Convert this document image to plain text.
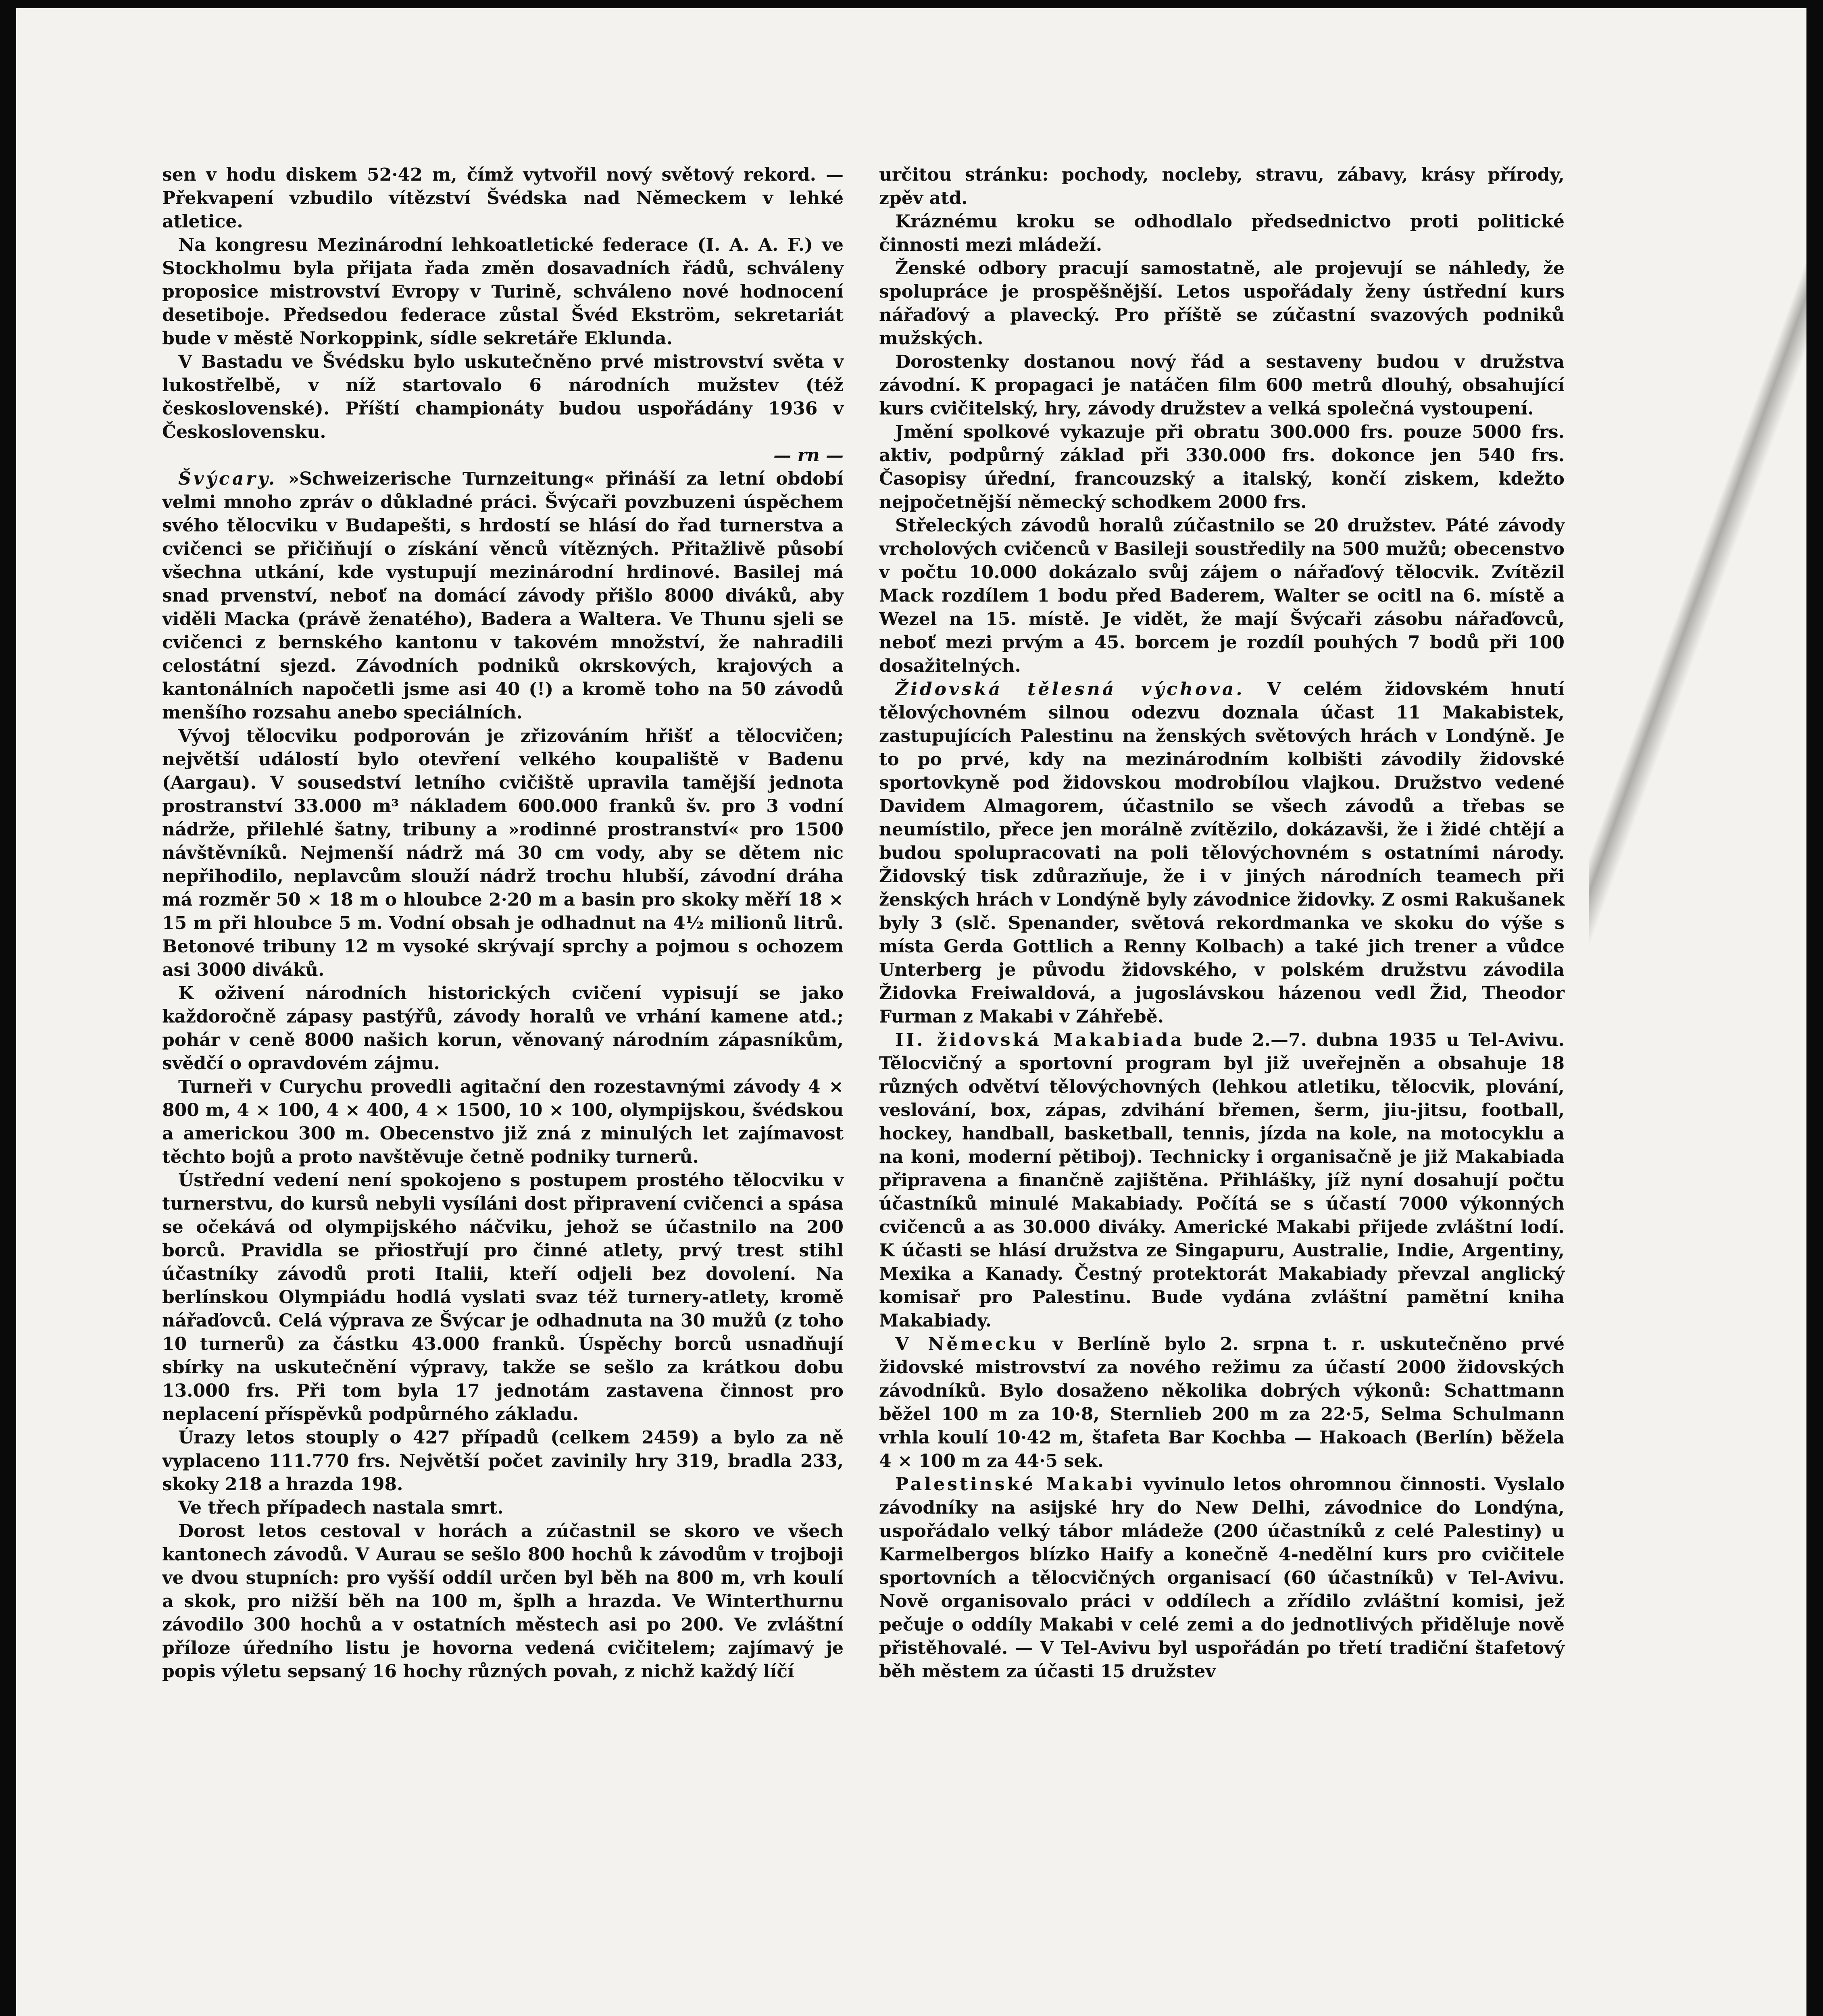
sen v hodu diskem 52·42 m, čímž vytvořil nový světový rekord. — Překvapení vzbudilo vítězství Švédska nad Německem v lehké atletice.

Na kongresu Mezinárodní lehkoatletické federace (I. A. A. F.) ve Stockholmu byla přijata řada změn dosavadních řádů, schváleny proposice mistrovství Evropy v Turině, schváleno nové hodnocení desetiboje. Předsedou federace zůstal Švéd Ekström, sekretariát bude v městě Norkoppink, sídle sekretáře Eklunda.

V Bastadu ve Švédsku bylo uskutečněno prvé mistrovství světa v lukostřelbě, v níž startovalo 6 národních mužstev (též československé). Příští championáty budou uspořádány 1936 v Československu.

— rn —

Švýcary. »Schweizerische Turnzeitung« přináší za letní období velmi mnoho zpráv o důkladné práci. Švýcaři povzbuzeni úspěchem svého tělocviku v Budapešti, s hrdostí se hlásí do řad turnerstva a cvičenci se přičiňují o získání věnců vítězných. Přitažlivě působí všechna utkání, kde vystupují mezinárodní hrdinové. Basilej má snad prvenství, neboť na domácí závody přišlo 8000 diváků, aby viděli Macka (právě ženatého), Badera a Waltera. Ve Thunu sjeli se cvičenci z bernského kantonu v takovém množství, že nahradili celostátní sjezd. Závodních podniků okrskových, krajových a kantonálních napočetli jsme asi 40 (!) a kromě toho na 50 závodů menšího rozsahu anebo speciálních.

Vývoj tělocviku podporován je zřizováním hřišť a tělocvičen; největší událostí bylo otevření velkého koupaliště v Badenu (Aargau). V sousedství letního cvičiště upravila tamější jednota prostranství 33.000 m³ nákladem 600.000 franků šv. pro 3 vodní nádrže, přilehlé šatny, tribuny a »rodinné prostranství« pro 1500 návštěvníků. Nejmenší nádrž má 30 cm vody, aby se dětem nic nepřihodilo, neplavcům slouží nádrž trochu hlubší, závodní dráha má rozměr 50 × 18 m o hloubce 2·20 m a basin pro skoky měří 18 × 15 m při hloubce 5 m. Vodní obsah je odhadnut na 4½ milionů litrů. Betonové tribuny 12 m vysoké skrývají sprchy a pojmou s ochozem asi 3000 diváků.

K oživení národních historických cvičení vypisují se jako každoročně zápasy pastýřů, závody horalů ve vrhání kamene atd.; pohár v ceně 8000 našich korun, věnovaný národním zápasníkům, svědčí o opravdovém zájmu.

Turneři v Curychu provedli agitační den rozestavnými závody 4 × 800 m, 4 × 100, 4 × 400, 4 × 1500, 10 × 100, olympijskou, švédskou a americkou 300 m. Obecenstvo již zná z minulých let zajímavost těchto bojů a proto navštěvuje četně podniky turnerů.

Ústřední vedení není spokojeno s postupem prostého tělocviku v turnerstvu, do kursů nebyli vysíláni dost připravení cvičenci a spása se očekává od olympijského náčviku, jehož se účastnilo na 200 borců. Pravidla se přiostřují pro činné atlety, prvý trest stihl účastníky závodů proti Italii, kteří odjeli bez dovolení. Na berlínskou Olympiádu hodlá vyslati svaz též turnery-atlety, kromě nářaďovců. Celá výprava ze Švýcar je odhadnuta na 30 mužů (z toho 10 turnerů) za částku 43.000 franků. Úspěchy borců usnadňují sbírky na uskutečnění výpravy, takže se sešlo za krátkou dobu 13.000 frs. Při tom byla 17 jednotám zastavena činnost pro neplacení příspěvků podpůrného základu.

Úrazy letos stouply o 427 případů (celkem 2459) a bylo za ně vyplaceno 111.770 frs. Největší počet zavinily hry 319, bradla 233, skoky 218 a hrazda 198.

Ve třech případech nastala smrt.

Dorost letos cestoval v horách a zúčastnil se skoro ve všech kantonech závodů. V Aurau se sešlo 800 hochů k závodům v trojboji ve dvou stupních: pro vyšší oddíl určen byl běh na 800 m, vrh koulí a skok, pro nižší běh na 100 m, šplh a hrazda. Ve Winterthurnu závodilo 300 hochů a v ostatních městech asi po 200. Ve zvláštní příloze úředního listu je hovorna vedená cvičitelem; zajímavý je popis výletu sepsaný 16 hochy různých povah, z nichž každý líčí

určitou stránku: pochody, nocleby, stravu, zábavy, krásy přírody, zpěv atd.

Kráznému kroku se odhodlalo předsednictvo proti politické činnosti mezi mládeží.

Ženské odbory pracují samostatně, ale projevují se náhledy, že spolupráce je prospěšnější. Letos uspořádaly ženy ústřední kurs nářaďový a plavecký. Pro příště se zúčastní svazových podniků mužských.

Dorostenky dostanou nový řád a sestaveny budou v družstva závodní. K propagaci je natáčen film 600 metrů dlouhý, obsahující kurs cvičitelský, hry, závody družstev a velká společná vystoupení.

Jmění spolkové vykazuje při obratu 300.000 frs. pouze 5000 frs. aktiv, podpůrný základ při 330.000 frs. dokonce jen 540 frs. Časopisy úřední, francouzský a italský, končí ziskem, kdežto nejpočetnější německý schodkem 2000 frs.

Střeleckých závodů horalů zúčastnilo se 20 družstev. Páté závody vrcholových cvičenců v Basileji soustředily na 500 mužů; obecenstvo v počtu 10.000 dokázalo svůj zájem o nářaďový tělocvik. Zvítězil Mack rozdílem 1 bodu před Baderem, Walter se ocitl na 6. místě a Wezel na 15. místě. Je vidět, že mají Švýcaři zásobu nářaďovců, neboť mezi prvým a 45. borcem je rozdíl pouhých 7 bodů při 100 dosažitelných.

Židovská tělesná výchova. V celém židovském hnutí tělovýchovném silnou odezvu doznala účast 11 Makabistek, zastupujících Palestinu na ženských světových hrách v Londýně. Je to po prvé, kdy na mezinárodním kolbišti závodily židovské sportovkyně pod židovskou modrobílou vlajkou. Družstvo vedené Davidem Almagorem, účastnilo se všech závodů a třebas se neumístilo, přece jen morálně zvítězilo, dokázavši, že i židé chtějí a budou spolupracovati na poli tělovýchovném s ostatními národy. Židovský tisk zdůrazňuje, že i v jiných národních teamech při ženských hrách v Londýně byly závodnice židovky. Z osmi Rakušanek byly 3 (slč. Spenander, světová rekordmanka ve skoku do výše s místa Gerda Gottlich a Renny Kolbach) a také jich trener a vůdce Unterberg je původu židovského, v polském družstvu závodila Židovka Freiwaldová, a jugoslávskou házenou vedl Žid, Theodor Furman z Makabi v Záhřebě.

II. židovská Makabiada bude 2.—7. dubna 1935 u Tel-Avivu. Tělocvičný a sportovní program byl již uveřejněn a obsahuje 18 různých odvětví tělovýchovných (lehkou atletiku, tělocvik, plování, veslování, box, zápas, zdvihání břemen, šerm, jiu-jitsu, football, hockey, handball, basketball, tennis, jízda na kole, na motocyklu a na koni, moderní pětiboj). Technicky i organisačně je již Makabiada připravena a finančně zajištěna. Přihlášky, jíž nyní dosahují počtu účastníků minulé Makabiady. Počítá se s účastí 7000 výkonných cvičenců a as 30.000 diváky. Americké Makabi přijede zvláštní lodí. K účasti se hlásí družstva ze Singapuru, Australie, Indie, Argentiny, Mexika a Kanady. Čestný protektorát Makabiady převzal anglický komisař pro Palestinu. Bude vydána zvláštní pamětní kniha Makabiady.

V Německu v Berlíně bylo 2. srpna t. r. uskutečněno prvé židovské mistrovství za nového režimu za účastí 2000 židovských závodníků. Bylo dosaženo několika dobrých výkonů: Schattmann běžel 100 m za 10·8, Sternlieb 200 m za 22·5, Selma Schulmann vrhla koulí 10·42 m, štafeta Bar Kochba — Hakoach (Berlín) běžela 4 × 100 m za 44·5 sek.

Palestinské Makabi vyvinulo letos ohromnou činnosti. Vyslalo závodníky na asijské hry do New Delhi, závodnice do Londýna, uspořádalo velký tábor mládeže (200 účastníků z celé Palestiny) u Karmelbergos blízko Haify a konečně 4-nedělní kurs pro cvičitele sportovních a tělocvičných organisací (60 účastníků) v Tel-Avivu. Nově organisovalo práci v oddílech a zřídilo zvláštní komisi, jež pečuje o oddíly Makabi v celé zemi a do jednotlivých přiděluje nově přistěhovalé. — V Tel-Avivu byl uspořádán po třetí tradiční štafetový běh městem za účasti 15 družstev
